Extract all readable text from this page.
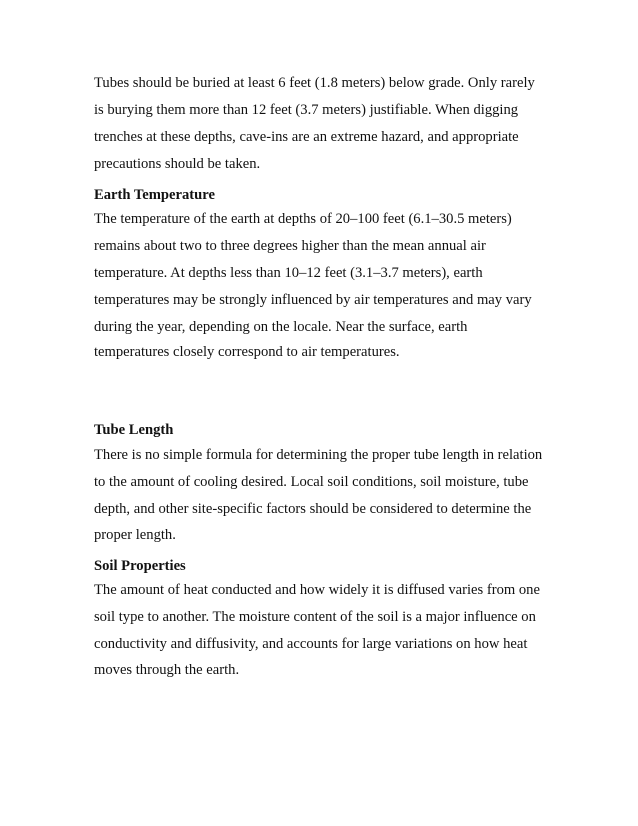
Tubes should be buried at least 6 feet (1.8 meters) below grade. Only rarely

is burying them more than 12 feet (3.7 meters) justifiable. When digging

trenches at these depths, cave-ins are an extreme hazard, and appropriate

precautions should be taken.

Earth Temperature

The temperature of the earth at depths of 20–100 feet (6.1–30.5 meters)

remains about two to three degrees higher than the mean annual air

temperature. At depths less than 10–12 feet (3.1–3.7 meters), earth

temperatures may be strongly influenced by air temperatures and may vary

during the year, depending on the locale. Near the surface, earth

temperatures closely correspond to air temperatures.

Tube Length

There is no simple formula for determining the proper tube length in relation

to the amount of cooling desired. Local soil conditions, soil moisture, tube

depth, and other site-specific factors should be considered to determine the

proper length.

Soil Properties

The amount of heat conducted and how widely it is diffused varies from one

soil type to another. The moisture content of the soil is a major influence on

conductivity and diffusivity, and accounts for large variations on how heat

moves through the earth.
